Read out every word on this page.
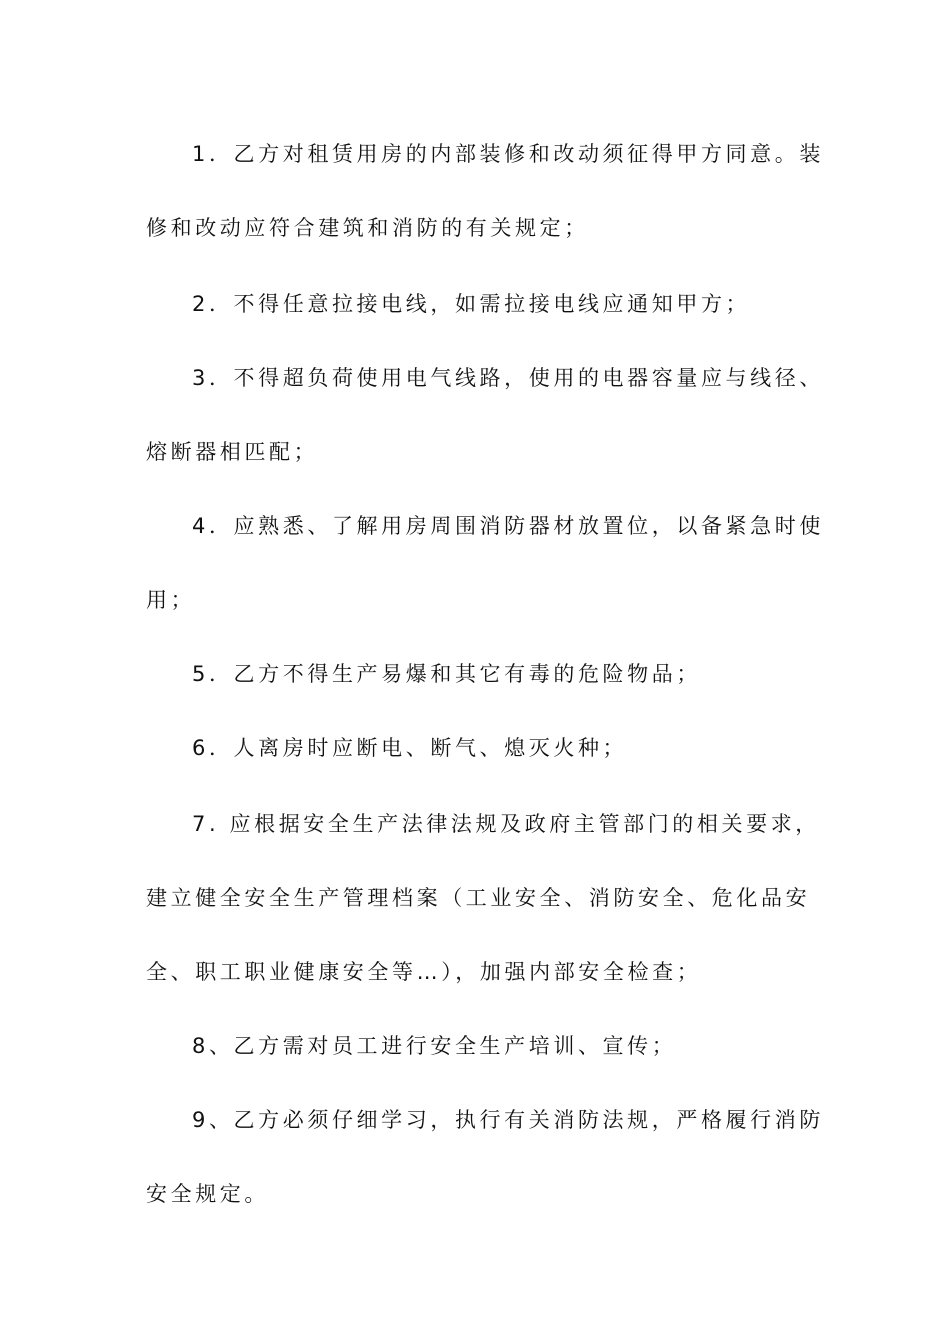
1．乙方对租赁用房的内部装修和改动须征得甲方同意。装
修和改动应符合建筑和消防的有关规定；
2．不得任意拉接电线，如需拉接电线应通知甲方；
3．不得超负荷使用电气线路，使用的电器容量应与线径、
熔断器相匹配；
4．应熟悉、了解用房周围消防器材放置位，以备紧急时使
用；
5．乙方不得生产易爆和其它有毒的危险物品；
6．人离房时应断电、断气、熄灭火种；
7. 应根据安全生产法律法规及政府主管部门的相关要求，
建立健全安全生产管理档案（工业安全、消防安全、危化品安
全、职工职业健康安全等…），加强内部安全检查；
8、乙方需对员工进行安全生产培训、宣传；
9、乙方必须仔细学习，执行有关消防法规，严格履行消防
安全规定。
